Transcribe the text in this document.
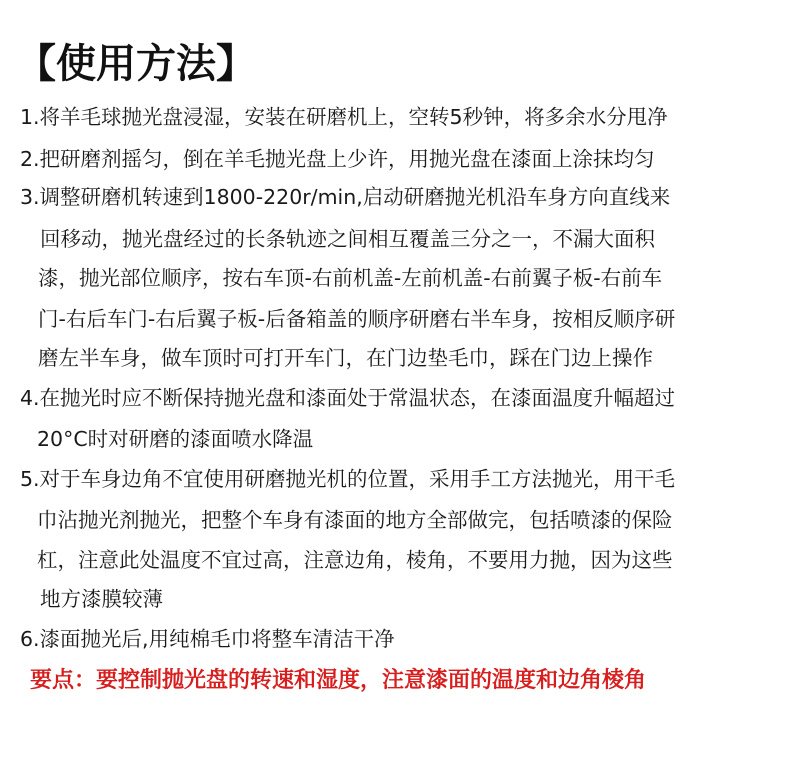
【使用方法】
1.将羊毛球抛光盘浸湿，安装在研磨机上，空转5秒钟，将多余水分甩净
2.把研磨剂摇匀，倒在羊毛抛光盘上少许，用抛光盘在漆面上涂抹均匀
3.调整研磨机转速到1800-220r/min,启动研磨抛光机沿车身方向直线来
回移动，抛光盘经过的长条轨迹之间相互覆盖三分之一，不漏大面积
漆，抛光部位顺序，按右车顶-右前机盖-左前机盖-右前翼子板-右前车
门-右后车门-右后翼子板-后备箱盖的顺序研磨右半车身，按相反顺序研
磨左半车身，做车顶时可打开车门，在门边垫毛巾，踩在门边上操作
4.在抛光时应不断保持抛光盘和漆面处于常温状态，在漆面温度升幅超过
20°C时对研磨的漆面喷水降温
5.对于车身边角不宜使用研磨抛光机的位置，采用手工方法抛光，用干毛
巾沾抛光剂抛光，把整个车身有漆面的地方全部做完，包括喷漆的保险
杠，注意此处温度不宜过高，注意边角，棱角，不要用力抛，因为这些
地方漆膜较薄
6.漆面抛光后,用纯棉毛巾将整车清洁干净
要点：要控制抛光盘的转速和湿度，注意漆面的温度和边角棱角
